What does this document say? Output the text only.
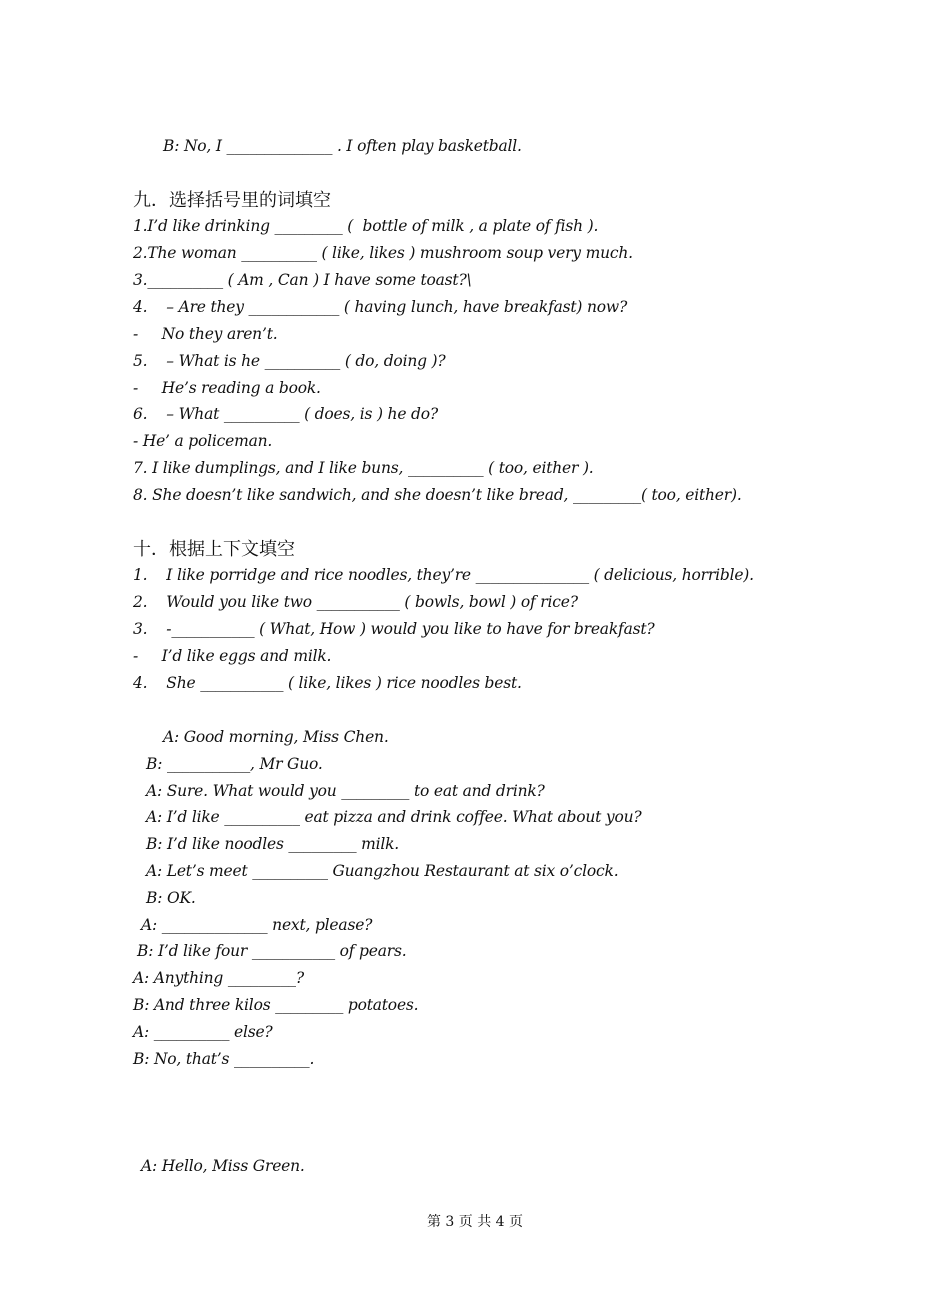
B: No, I ______________ . I often play basketball.
九．选择括号里的词填空
1.I’d like drinking _________ (  bottle of milk , a plate of fish ).
2.The woman __________ ( like, likes ) mushroom soup very much.
3.__________ ( Am , Can ) I have some toast?\
4.    – Are they ____________ ( having lunch, have breakfast) now?
-     No they aren’t.
5.    – What is he __________ ( do, doing )?
-     He’s reading a book.
6.    – What __________ ( does, is ) he do?
- He’ a policeman.
7. I like dumplings, and I like buns, __________ ( too, either ).
8. She doesn’t like sandwich, and she doesn’t like bread, _________( too, either).
十．根据上下文填空
1.    I like porridge and rice noodles, they’re _______________ ( delicious, horrible).
2.    Would you like two ___________ ( bowls, bowl ) of rice?
3.    -___________ ( What, How ) would you like to have for breakfast?
-     I’d like eggs and milk.
4.    She ___________ ( like, likes ) rice noodles best.
A: Good morning, Miss Chen.
B: ___________, Mr Guo.
A: Sure. What would you _________ to eat and drink?
A: I’d like __________ eat pizza and drink coffee. What about you?
B: I’d like noodles _________ milk.
A: Let’s meet __________ Guangzhou Restaurant at six o’clock.
B: OK.
A: ______________ next, please?
B: I’d like four ___________ of pears.
A: Anything _________?
B: And three kilos _________ potatoes.
A: __________ else?
B: No, that’s __________.
A: Hello, Miss Green.
第 3 页 共 4 页
